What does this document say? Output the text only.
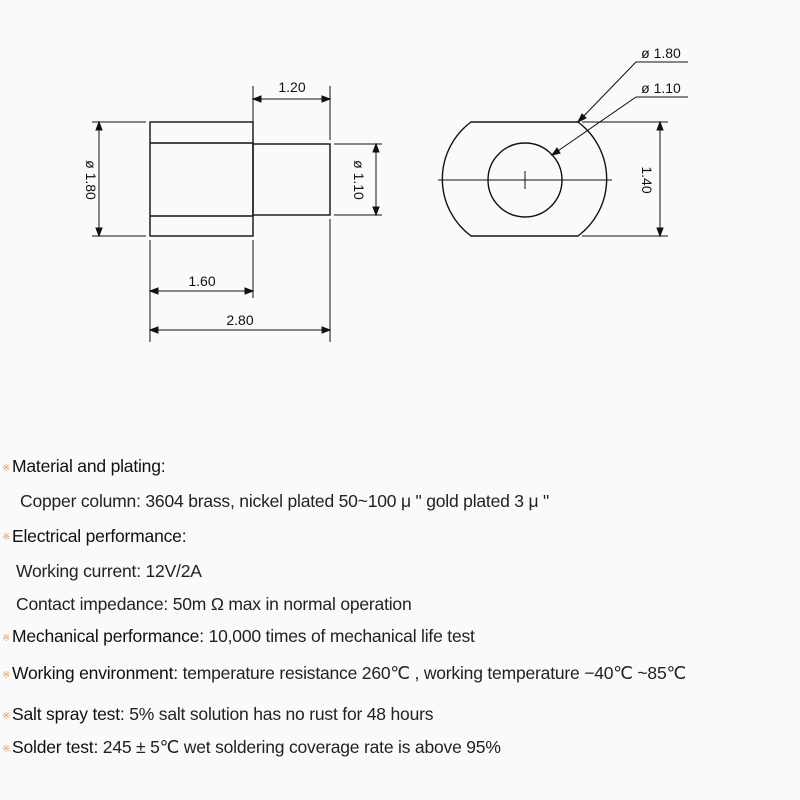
1.20
ø 1.80	ø 1.10
1.60
2.80
ø 1.80
ø 1.10
1.40
※ Material and plating:
Copper column: 3604 brass, nickel plated 50~100 μ " gold plated 3 μ "
※ Electrical performance:
Working current: 12V/2A
Contact impedance: 50m Ω max in normal operation
※ Mechanical performance: 10,000 times of mechanical life test
※ Working environment: temperature resistance 260℃ , working temperature −40℃ ~85℃
※ Salt spray test: 5% salt solution has no rust for 48 hours
※ Solder test: 245 ± 5℃ wet soldering coverage rate is above 95%
